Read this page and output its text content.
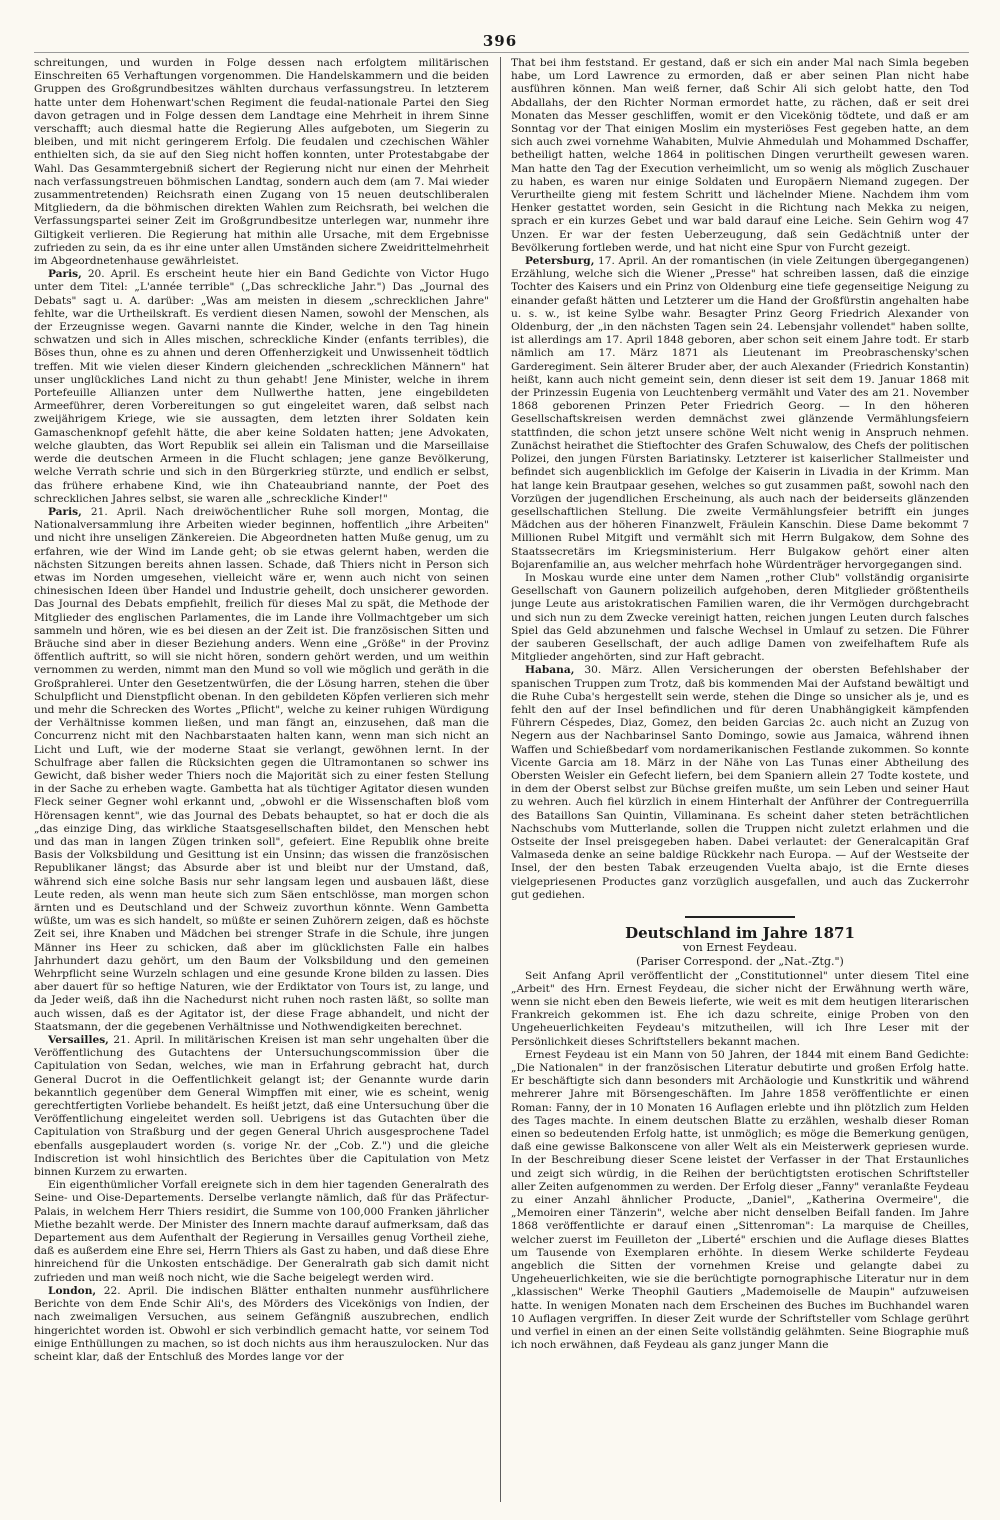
396

schreitungen, und wurden in Folge dessen nach erfolgtem militärischen Einschreiten 65 Verhaftungen vorgenommen. Die Handelskammern und die beiden Gruppen des Großgrundbesitzes wählten durchaus verfassungstreu. In letzterem hatte unter dem Hohenwart'schen Regiment die feudal-nationale Partei den Sieg davon getragen und in Folge dessen dem Landtage eine Mehrheit in ihrem Sinne verschafft; auch diesmal hatte die Regierung Alles aufgeboten, um Siegerin zu bleiben, und mit nicht geringerem Erfolg. Die feudalen und czechischen Wähler enthielten sich, da sie auf den Sieg nicht hoffen konnten, unter Protestabgabe der Wahl. Das Gesammtergebniß sichert der Regierung nicht nur einen der Mehrheit nach verfassungstreuen böhmischen Landtag, sondern auch dem (am 7. Mai wieder zusammentretenden) Reichsrath einen Zugang von 15 neuen deutschliberalen Mitgliedern, da die böhmischen direkten Wahlen zum Reichsrath, bei welchen die Verfassungspartei seiner Zeit im Großgrundbesitze unterlegen war, nunmehr ihre Giltigkeit verlieren. Die Regierung hat mithin alle Ursache, mit dem Ergebnisse zufrieden zu sein, da es ihr eine unter allen Umständen sichere Zweidrittelmehrheit im Abgeordnetenhause gewährleistet.

Paris, 20. April. Es erscheint heute hier ein Band Gedichte von Victor Hugo unter dem Titel: „L'année terrible" („Das schreckliche Jahr.") Das „Journal des Debats" sagt u. A. darüber: „Was am meisten in diesem „schrecklichen Jahre" fehlte, war die Urtheilskraft. Es verdient diesen Namen, sowohl der Menschen, als der Erzeugnisse wegen. Gavarni nannte die Kinder, welche in den Tag hinein schwatzen und sich in Alles mischen, schreckliche Kinder (enfants terribles), die Böses thun, ohne es zu ahnen und deren Offenherzigkeit und Unwissenheit tödtlich treffen. Mit wie vielen dieser Kindern gleichenden „schrecklichen Männern" hat unser unglückliches Land nicht zu thun gehabt! Jene Minister, welche in ihrem Portefeuille Allianzen unter dem Nullwerthe hatten, jene eingebildeten Armeeführer, deren Vorbereitungen so gut eingeleitet waren, daß selbst nach zweijährigem Kriege, wie sie aussagten, dem letzten ihrer Soldaten kein Gamaschenknopf gefehlt hätte, die aber keine Soldaten hatten; jene Advokaten, welche glaubten, das Wort Republik sei allein ein Talisman und die Marseillaise werde die deutschen Armeen in die Flucht schlagen; jene ganze Bevölkerung, welche Verrath schrie und sich in den Bürgerkrieg stürzte, und endlich er selbst, das frühere erhabene Kind, wie ihn Chateaubriand nannte, der Poet des schrecklichen Jahres selbst, sie waren alle „schreckliche Kinder!"

Paris, 21. April. Nach dreiwöchentlicher Ruhe soll morgen, Montag, die Nationalversammlung ihre Arbeiten wieder beginnen, hoffentlich „ihre Arbeiten" und nicht ihre unseligen Zänkereien. Die Abgeordneten hatten Muße genug, um zu erfahren, wie der Wind im Lande geht; ob sie etwas gelernt haben, werden die nächsten Sitzungen bereits ahnen lassen. Schade, daß Thiers nicht in Person sich etwas im Norden umgesehen, vielleicht wäre er, wenn auch nicht von seinen chinesischen Ideen über Handel und Industrie geheilt, doch unsicherer geworden. Das Journal des Debats empfiehlt, freilich für dieses Mal zu spät, die Methode der Mitglieder des englischen Parlamentes, die im Lande ihre Vollmachtgeber um sich sammeln und hören, wie es bei diesen an der Zeit ist. Die französischen Sitten und Bräuche sind aber in dieser Beziehung anders. Wenn eine „Größe" in der Provinz öffentlich auftritt, so will sie nicht hören, sondern gehört werden, und um weithin vernommen zu werden, nimmt man den Mund so voll wie möglich und geräth in die Großprahlerei. Unter den Gesetzentwürfen, die der Lösung harren, stehen die über Schulpflicht und Dienstpflicht obenan. In den gebildeten Köpfen verlieren sich mehr und mehr die Schrecken des Wortes „Pflicht", welche zu keiner ruhigen Würdigung der Verhältnisse kommen ließen, und man fängt an, einzusehen, daß man die Concurrenz nicht mit den Nachbarstaaten halten kann, wenn man sich nicht an Licht und Luft, wie der moderne Staat sie verlangt, gewöhnen lernt. In der Schulfrage aber fallen die Rücksichten gegen die Ultramontanen so schwer ins Gewicht, daß bisher weder Thiers noch die Majorität sich zu einer festen Stellung in der Sache zu erheben wagte. Gambetta hat als tüchtiger Agitator diesen wunden Fleck seiner Gegner wohl erkannt und, „obwohl er die Wissenschaften bloß vom Hörensagen kennt", wie das Journal des Debats behauptet, so hat er doch die als „das einzige Ding, das wirkliche Staatsgesellschaften bildet, den Menschen hebt und das man in langen Zügen trinken soll", gefeiert. Eine Republik ohne breite Basis der Volksbildung und Gesittung ist ein Unsinn; das wissen die französischen Republikaner längst; das Absurde aber ist und bleibt nur der Umstand, daß, während sich eine solche Basis nur sehr langsam legen und ausbauen läßt, diese Leute reden, als wenn man heute sich zum Säen entschlösse, man morgen schon ärnten und es Deutschland und der Schweiz zuvorthun könnte. Wenn Gambetta wüßte, um was es sich handelt, so müßte er seinen Zuhörern zeigen, daß es höchste Zeit sei, ihre Knaben und Mädchen bei strenger Strafe in die Schule, ihre jungen Männer ins Heer zu schicken, daß aber im glücklichsten Falle ein halbes Jahrhundert dazu gehört, um den Baum der Volksbildung und den gemeinen Wehrpflicht seine Wurzeln schlagen und eine gesunde Krone bilden zu lassen. Dies aber dauert für so heftige Naturen, wie der Erdiktator von Tours ist, zu lange, und da Jeder weiß, daß ihn die Nachedurst nicht ruhen noch rasten läßt, so sollte man auch wissen, daß es der Agitator ist, der diese Frage abhandelt, und nicht der Staatsmann, der die gegebenen Verhältnisse und Nothwendigkeiten berechnet.

Versailles, 21. April. In militärischen Kreisen ist man sehr ungehalten über die Veröffentlichung des Gutachtens der Untersuchungscommission über die Capitulation von Sedan, welches, wie man in Erfahrung gebracht hat, durch General Ducrot in die Oeffentlichkeit gelangt ist; der Genannte wurde darin bekanntlich gegenüber dem General Wimpffen mit einer, wie es scheint, wenig gerechtfertigten Vorliebe behandelt. Es heißt jetzt, daß eine Untersuchung über die Veröffentlichung eingeleitet werden soll. Uebrigens ist das Gutachten über die Capitulation von Straßburg und der gegen General Uhrich ausgesprochene Tadel ebenfalls ausgeplaudert worden (s. vorige Nr. der „Cob. Z.") und die gleiche Indiscretion ist wohl hinsichtlich des Berichtes über die Capitulation von Metz binnen Kurzem zu erwarten.

Ein eigenthümlicher Vorfall ereignete sich in dem hier tagenden Generalrath des Seine- und Oise-Departements. Derselbe verlangte nämlich, daß für das Präfectur-Palais, in welchem Herr Thiers residirt, die Summe von 100,000 Franken jährlicher Miethe bezahlt werde. Der Minister des Innern machte darauf aufmerksam, daß das Departement aus dem Aufenthalt der Regierung in Versailles genug Vortheil ziehe, daß es außerdem eine Ehre sei, Herrn Thiers als Gast zu haben, und daß diese Ehre hinreichend für die Unkosten entschädige. Der Generalrath gab sich damit nicht zufrieden und man weiß noch nicht, wie die Sache beigelegt werden wird.

London, 22. April. Die indischen Blätter enthalten nunmehr ausführlichere Berichte von dem Ende Schir Ali's, des Mörders des Vicekönigs von Indien, der nach zweimaligen Versuchen, aus seinem Gefängniß auszubrechen, endlich hingerichtet worden ist. Obwohl er sich verbindlich gemacht hatte, vor seinem Tod einige Enthüllungen zu machen, so ist doch nichts aus ihm herauszulocken. Nur das scheint klar, daß der Entschluß des Mordes lange vor der

That bei ihm feststand. Er gestand, daß er sich ein ander Mal nach Simla begeben habe, um Lord Lawrence zu ermorden, daß er aber seinen Plan nicht habe ausführen können. Man weiß ferner, daß Schir Ali sich gelobt hatte, den Tod Abdallahs, der den Richter Norman ermordet hatte, zu rächen, daß er seit drei Monaten das Messer geschliffen, womit er den Vicekönig tödtete, und daß er am Sonntag vor der That einigen Moslim ein mysteriöses Fest gegeben hatte, an dem sich auch zwei vornehme Wahabiten, Mulvie Ahmedulah und Mohammed Dschaffer, betheiligt hatten, welche 1864 in politischen Dingen verurtheilt gewesen waren. Man hatte den Tag der Execution verheimlicht, um so wenig als möglich Zuschauer zu haben, es waren nur einige Soldaten und Europäern Niemand zugegen. Der Verurtheilte gieng mit festem Schritt und lächelnder Miene. Nachdem ihm vom Henker gestattet worden, sein Gesicht in die Richtung nach Mekka zu neigen, sprach er ein kurzes Gebet und war bald darauf eine Leiche. Sein Gehirn wog 47 Unzen. Er war der festen Ueberzeugung, daß sein Gedächtniß unter der Bevölkerung fortleben werde, und hat nicht eine Spur von Furcht gezeigt.

Petersburg, 17. April. An der romantischen (in viele Zeitungen übergegangenen) Erzählung, welche sich die Wiener „Presse" hat schreiben lassen, daß die einzige Tochter des Kaisers und ein Prinz von Oldenburg eine tiefe gegenseitige Neigung zu einander gefaßt hätten und Letzterer um die Hand der Großfürstin angehalten habe u. s. w., ist keine Sylbe wahr. Besagter Prinz Georg Friedrich Alexander von Oldenburg, der „in den nächsten Tagen sein 24. Lebensjahr vollendet" haben sollte, ist allerdings am 17. April 1848 geboren, aber schon seit einem Jahre todt. Er starb nämlich am 17. März 1871 als Lieutenant im Preobraschensky'schen Garderegiment. Sein älterer Bruder aber, der auch Alexander (Friedrich Konstantin) heißt, kann auch nicht gemeint sein, denn dieser ist seit dem 19. Januar 1868 mit der Prinzessin Eugenia von Leuchtenberg vermählt und Vater des am 21. November 1868 geborenen Prinzen Peter Friedrich Georg. — In den höheren Gesellschaftskreisen werden demnächst zwei glänzende Vermählungsfeiern stattfinden, die schon jetzt unsere schöne Welt nicht wenig in Anspruch nehmen. Zunächst heirathet die Stieftochter des Grafen Schuwalow, des Chefs der politischen Polizei, den jungen Fürsten Bariatinsky. Letzterer ist kaiserlicher Stallmeister und befindet sich augenblicklich im Gefolge der Kaiserin in Livadia in der Krimm. Man hat lange kein Brautpaar gesehen, welches so gut zusammen paßt, sowohl nach den Vorzügen der jugendlichen Erscheinung, als auch nach der beiderseits glänzenden gesellschaftlichen Stellung. Die zweite Vermählungsfeier betrifft ein junges Mädchen aus der höheren Finanzwelt, Fräulein Kanschin. Diese Dame bekommt 7 Millionen Rubel Mitgift und vermählt sich mit Herrn Bulgakow, dem Sohne des Staatssecretärs im Kriegsministerium. Herr Bulgakow gehört einer alten Bojarenfamilie an, aus welcher mehrfach hohe Würdenträger hervorgegangen sind.

In Moskau wurde eine unter dem Namen „rother Club" vollständig organisirte Gesellschaft von Gaunern polizeilich aufgehoben, deren Mitglieder größtentheils junge Leute aus aristokratischen Familien waren, die ihr Vermögen durchgebracht und sich nun zu dem Zwecke vereinigt hatten, reichen jungen Leuten durch falsches Spiel das Geld abzunehmen und falsche Wechsel in Umlauf zu setzen. Die Führer der sauberen Gesellschaft, der auch adlige Damen von zweifelhaftem Rufe als Mitglieder angehörten, sind zur Haft gebracht.

Habana, 30. März. Allen Versicherungen der obersten Befehlshaber der spanischen Truppen zum Trotz, daß bis kommenden Mai der Aufstand bewältigt und die Ruhe Cuba's hergestellt sein werde, stehen die Dinge so unsicher als je, und es fehlt den auf der Insel befindlichen und für deren Unabhängigkeit kämpfenden Führern Céspedes, Diaz, Gomez, den beiden Garcias 2c. auch nicht an Zuzug von Negern aus der Nachbarinsel Santo Domingo, sowie aus Jamaica, während ihnen Waffen und Schießbedarf vom nordamerikanischen Festlande zukommen. So konnte Vicente Garcia am 18. März in der Nähe von Las Tunas einer Abtheilung des Obersten Weisler ein Gefecht liefern, bei dem Spaniern allein 27 Todte kostete, und in dem der Oberst selbst zur Büchse greifen mußte, um sein Leben und seiner Haut zu wehren. Auch fiel kürzlich in einem Hinterhalt der Anführer der Contreguerrilla des Bataillons San Quintin, Villaminana. Es scheint daher steten beträchtlichen Nachschubs vom Mutterlande, sollen die Truppen nicht zuletzt erlahmen und die Ostseite der Insel preisgegeben haben. Dabei verlautet: der Generalcapitän Graf Valmaseda denke an seine baldige Rückkehr nach Europa. — Auf der Westseite der Insel, der den besten Tabak erzeugenden Vuelta abajo, ist die Ernte dieses vielgepriesenen Productes ganz vorzüglich ausgefallen, und auch das Zuckerrohr gut gediehen.

Deutschland im Jahre 1871
von Ernest Feydeau.
(Pariser Correspond. der „Nat.-Ztg.")

Seit Anfang April veröffentlicht der „Constitutionnel" unter diesem Titel eine „Arbeit" des Hrn. Ernest Feydeau, die sicher nicht der Erwähnung werth wäre, wenn sie nicht eben den Beweis lieferte, wie weit es mit dem heutigen literarischen Frankreich gekommen ist. Ehe ich dazu schreite, einige Proben von den Ungeheuerlichkeiten Feydeau's mitzutheilen, will ich Ihre Leser mit der Persönlichkeit dieses Schriftstellers bekannt machen.

Ernest Feydeau ist ein Mann von 50 Jahren, der 1844 mit einem Band Gedichte: „Die Nationalen" in der französischen Literatur debutirte und großen Erfolg hatte. Er beschäftigte sich dann besonders mit Archäologie und Kunstkritik und während mehrerer Jahre mit Börsengeschäften. Im Jahre 1858 veröffentlichte er einen Roman: Fanny, der in 10 Monaten 16 Auflagen erlebte und ihn plötzlich zum Helden des Tages machte. In einem deutschen Blatte zu erzählen, weshalb dieser Roman einen so bedeutenden Erfolg hatte, ist unmöglich; es möge die Bemerkung genügen, daß eine gewisse Balkonscene von aller Welt als ein Meisterwerk gepriesen wurde. In der Beschreibung dieser Scene leistet der Verfasser in der That Erstaunliches und zeigt sich würdig, in die Reihen der berüchtigtsten erotischen Schriftsteller aller Zeiten aufgenommen zu werden. Der Erfolg dieser „Fanny" veranlaßte Feydeau zu einer Anzahl ähnlicher Producte, „Daniel", „Katherina Overmeire", die „Memoiren einer Tänzerin", welche aber nicht denselben Beifall fanden. Im Jahre 1868 veröffentlichte er darauf einen „Sittenroman": La marquise de Cheilles, welcher zuerst im Feuilleton der „Liberté" erschien und die Auflage dieses Blattes um Tausende von Exemplaren erhöhte. In diesem Werke schilderte Feydeau angeblich die Sitten der vornehmen Kreise und gelangte dabei zu Ungeheuerlichkeiten, wie sie die berüchtigte pornographische Literatur nur in dem „klassischen" Werke Theophil Gautiers „Mademoiselle de Maupin" aufzuweisen hatte. In wenigen Monaten nach dem Erscheinen des Buches im Buchhandel waren 10 Auflagen vergriffen. In dieser Zeit wurde der Schriftsteller vom Schlage gerührt und verfiel in einen an der einen Seite vollständig gelähmten. Seine Biographie muß ich noch erwähnen, daß Feydeau als ganz junger Mann die
